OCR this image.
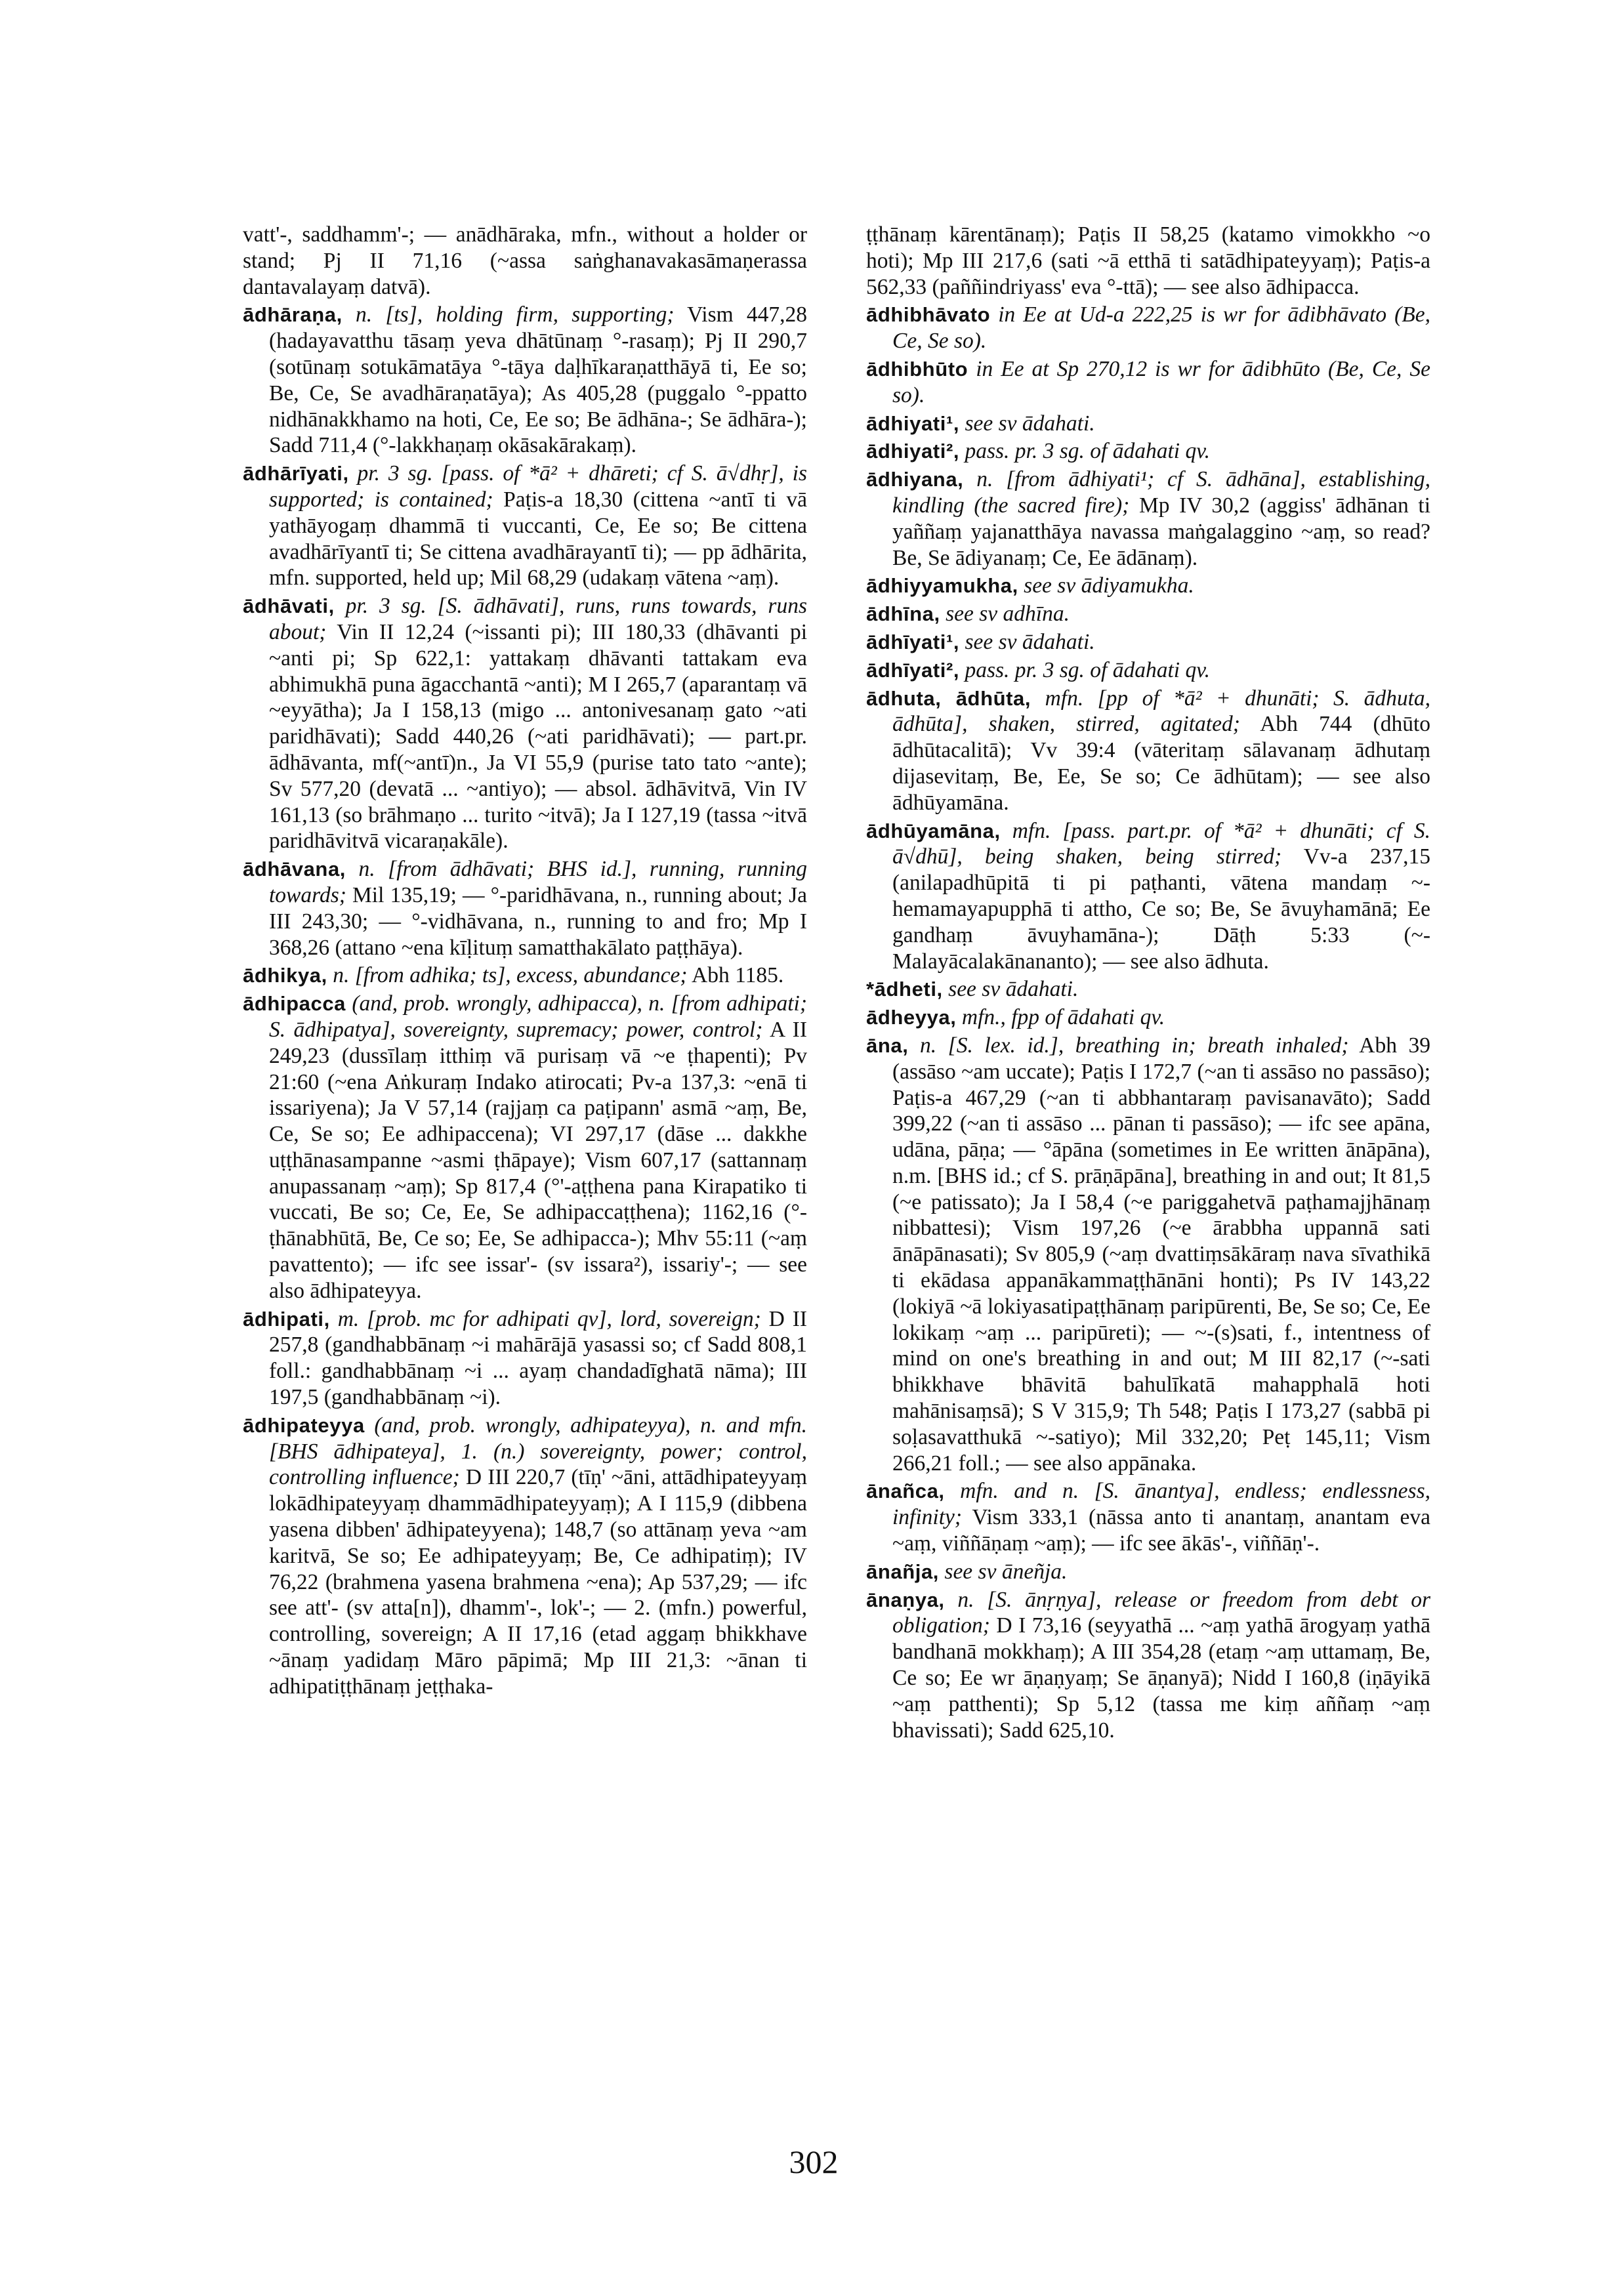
vatt'-, saddhamm'-; — anādhāraka, mfn., without a holder or stand; Pj II 71,16 (~assa saṅghanavakasāmaṇerassa dantavalayaṃ datvā).

ādhāraṇa, n. [ts], holding firm, supporting; Vism 447,28 (hadayavatthu tāsaṃ yeva dhātūnaṃ °-rasaṃ); Pj II 290,7 (sotūnaṃ sotukāmatāya °-tāya daḷhīkaraṇatthāyā ti, Ee so; Be, Ce, Se avadhāraṇatāya); As 405,28 (puggalo °-ppatto nidhānakkhamo na hoti, Ce, Ee so; Be ādhāna-; Se ādhāra-); Sadd 711,4 (°-lakkhaṇaṃ okāsakārakaṃ).

ādhārīyati, pr. 3 sg. [pass. of *ā² + dhāreti; cf S. ā√dhṛ], is supported; is contained; Paṭis-a 18,30 (cittena ~antī ti vā yathāyogaṃ dhammā ti vuccanti, Ce, Ee so; Be cittena avadhārīyantī ti; Se cittena avadhārayantī ti); — pp ādhārita, mfn. supported, held up; Mil 68,29 (udakaṃ vātena ~aṃ).

ādhāvati, pr. 3 sg. [S. ādhāvati], runs, runs towards, runs about; Vin II 12,24 (~issanti pi); III 180,33 (dhāvanti pi ~anti pi; Sp 622,1: yattakaṃ dhāvanti tattakam eva abhimukhā puna āgacchantā ~anti); M I 265,7 (aparantaṃ vā ~eyyātha); Ja I 158,13 (migo ... antonivesanaṃ gato ~ati paridhāvati); Sadd 440,26 (~ati paridhāvati); — part.pr. ādhāvanta, mf(~antī)n., Ja VI 55,9 (purise tato tato ~ante); Sv 577,20 (devatā ... ~antiyo); — absol. ādhāvitvā, Vin IV 161,13 (so brāhmaṇo ... turito ~itvā); Ja I 127,19 (tassa ~itvā paridhāvitvā vicaraṇakāle).

ādhāvana, n. [from ādhāvati; BHS id.], running, running towards; Mil 135,19; — °-paridhāvana, n., running about; Ja III 243,30; — °-vidhāvana, n., running to and fro; Mp I 368,26 (attano ~ena kīḷituṃ samatthakālato paṭṭhāya).

ādhikya, n. [from adhika; ts], excess, abundance; Abh 1185.

ādhipacca (and, prob. wrongly, adhipacca), n. [from adhipati; S. ādhipatya], sovereignty, supremacy; power, control; A II 249,23 (dussīlaṃ itthiṃ vā purisaṃ vā ~e ṭhapenti); Pv 21:60 (~ena Aṅkuraṃ Indako atirocati; Pv-a 137,3: ~enā ti issariyena); Ja V 57,14 (rajjaṃ ca paṭipann' asmā ~aṃ, Be, Ce, Se so; Ee adhipaccena); VI 297,17 (dāse ... dakkhe uṭṭhānasampanne ~asmi ṭhāpaye); Vism 607,17 (sattannaṃ anupassanaṃ ~aṃ); Sp 817,4 (°'-aṭṭhena pana Kirapatiko ti vuccati, Be so; Ce, Ee, Se adhipaccaṭṭhena); 1162,16 (°-ṭhānabhūtā, Be, Ce so; Ee, Se adhipacca-); Mhv 55:11 (~aṃ pavattento); — ifc see issar'- (sv issara²), issariy'-; — see also ādhipateyya.

ādhipati, m. [prob. mc for adhipati qv], lord, sovereign; D II 257,8 (gandhabbānaṃ ~i mahārājā yasassi so; cf Sadd 808,1 foll.: gandhabbānaṃ ~i ... ayaṃ chandadīghatā nāma); III 197,5 (gandhabbānaṃ ~i).

ādhipateyya (and, prob. wrongly, adhipateyya), n. and mfn. [BHS ādhipateya], 1. (n.) sovereignty, power; control, controlling influence; D III 220,7 (tīṇ' ~āni, attādhipateyyaṃ lokādhipateyyaṃ dhammādhipateyyaṃ); A I 115,9 (dibbena yasena dibben' ādhipateyyena); 148,7 (so attānaṃ yeva ~am karitvā, Se so; Ee adhipateyyaṃ; Be, Ce adhipatiṃ); IV 76,22 (brahmena yasena brahmena ~ena); Ap 537,29; — ifc see att'- (sv atta[n]), dhamm'-, lok'-; — 2. (mfn.) powerful, controlling, sovereign; A II 17,16 (etad aggaṃ bhikkhave ~ānaṃ yadidaṃ Māro pāpimā; Mp III 21,3: ~ānan ti adhipatiṭṭhānaṃ jeṭṭhaka-

ṭṭhānaṃ kārentānaṃ); Paṭis II 58,25 (katamo vimokkho ~o hoti); Mp III 217,6 (sati ~ā etthā ti satādhipateyyaṃ); Paṭis-a 562,33 (paññindriyass' eva °-ttā); — see also ādhipacca.

ādhibhāvato in Ee at Ud-a 222,25 is wr for ādibhāvato (Be, Ce, Se so).

ādhibhūto in Ee at Sp 270,12 is wr for ādibhūto (Be, Ce, Se so).

ādhiyati¹, see sv ādahati.

ādhiyati², pass. pr. 3 sg. of ādahati qv.

ādhiyana, n. [from ādhiyati¹; cf S. ādhāna], establishing, kindling (the sacred fire); Mp IV 30,2 (aggiss' ādhānan ti yaññaṃ yajanatthāya navassa maṅgalaggino ~aṃ, so read? Be, Se ādiyanaṃ; Ce, Ee ādānaṃ).

ādhiyyamukha, see sv ādiyamukha.

ādhīna, see sv adhīna.

ādhīyati¹, see sv ādahati.

ādhīyati², pass. pr. 3 sg. of ādahati qv.

ādhuta, ādhūta, mfn. [pp of *ā² + dhunāti; S. ādhuta, ādhūta], shaken, stirred, agitated; Abh 744 (dhūto ādhūtacalitā); Vv 39:4 (vāteritaṃ sālavanaṃ ādhutaṃ dijasevitaṃ, Be, Ee, Se so; Ce ādhūtam); — see also ādhūyamāna.

ādhūyamāna, mfn. [pass. part.pr. of *ā² + dhunāti; cf S. ā√dhū], being shaken, being stirred; Vv-a 237,15 (anilapadhūpitā ti pi paṭhanti, vātena mandaṃ ~-hemamayapupphā ti attho, Ce so; Be, Se āvuyhamānā; Ee gandhaṃ āvuyhamāna-); Dāṭh 5:33 (~-Malayācalakānananto); — see also ādhuta.

*ādheti, see sv ādahati.

ādheyya, mfn., fpp of ādahati qv.

āna, n. [S. lex. id.], breathing in; breath inhaled; Abh 39 (assāso ~am uccate); Paṭis I 172,7 (~an ti assāso no passāso); Paṭis-a 467,29 (~an ti abbhantaraṃ pavisanavāto); Sadd 399,22 (~an ti assāso ... pānan ti passāso); — ifc see apāna, udāna, pāṇa; — °āpāna (sometimes in Ee written ānāpāna), n.m. [BHS id.; cf S. prāṇāpāna], breathing in and out; It 81,5 (~e patissato); Ja I 58,4 (~e pariggahetvā paṭhamajjhānaṃ nibbattesi); Vism 197,26 (~e ārabbha uppannā sati ānāpānasati); Sv 805,9 (~aṃ dvattiṃsākāraṃ nava sīvathikā ti ekādasa appanākammaṭṭhānāni honti); Ps IV 143,22 (lokiyā ~ā lokiyasatipaṭṭhānaṃ paripūrenti, Be, Se so; Ce, Ee lokikaṃ ~aṃ ... paripūreti); — ~-(s)sati, f., intentness of mind on one's breathing in and out; M III 82,17 (~-sati bhikkhave bhāvitā bahulīkatā mahapphalā hoti mahānisaṃsā); S V 315,9; Th 548; Paṭis I 173,27 (sabbā pi soḷasavatthukā ~-satiyo); Mil 332,20; Peṭ 145,11; Vism 266,21 foll.; — see also appānaka.

ānañca, mfn. and n. [S. ānantya], endless; endlessness, infinity; Vism 333,1 (nāssa anto ti anantaṃ, anantam eva ~aṃ, viññāṇaṃ ~aṃ); — ifc see ākās'-, viññāṇ'-.

ānañja, see sv āneñja.

ānaṇya, n. [S. ānṛṇya], release or freedom from debt or obligation; D I 73,16 (seyyathā ... ~aṃ yathā ārogyaṃ yathā bandhanā mokkhaṃ); A III 354,28 (etaṃ ~aṃ uttamaṃ, Be, Ce so; Ee wr āṇaṇyaṃ; Se āṇanyā); Nidd I 160,8 (iṇāyikā ~aṃ patthenti); Sp 5,12 (tassa me kiṃ aññaṃ ~aṃ bhavissati); Sadd 625,10.

302
